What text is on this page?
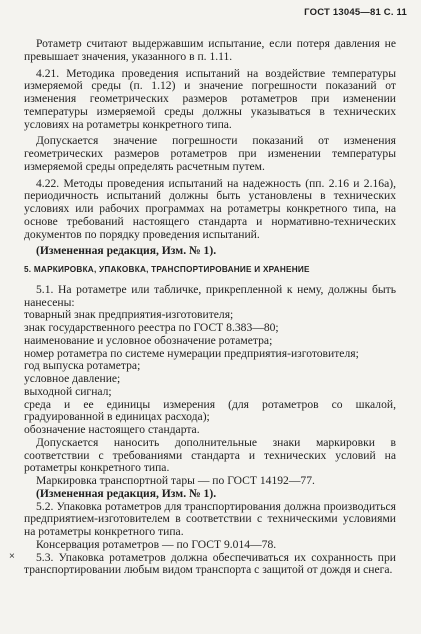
ГОСТ 13045—81 С. 11
×

Ротаметр считают выдержавшим испытание, если потеря давления не превышает значения, указанного в п. 1.11.

4.21. Методика проведения испытаний на воздействие температуры измеряемой среды (п. 1.12) и значение погрешности показаний от изменения геометрических размеров ротаметров при изменении температуры измеряемой среды должны указываться в технических условиях на ротаметры конкретного типа.

Допускается значение погрешности показаний от изменения геометрических размеров ротаметров при изменении температуры измеряемой среды определять расчетным путем.

4.22. Методы проведения испытаний на надежность (пп. 2.16 и 2.16а), периодичность испытаний должны быть установлены в технических условиях или рабочих программах на ротаметры конкретного типа, на основе требований настоящего стандарта и нормативно-технических документов по порядку проведения испытаний.

(Измененная редакция, Изм. № 1).

5. МАРКИРОВКА, УПАКОВКА, ТРАНСПОРТИРОВАНИЕ И ХРАНЕНИЕ

5.1. На ротаметре или табличке, прикрепленной к нему, должны быть нанесены:

товарный знак предприятия-изготовителя;

знак государственного реестра по ГОСТ 8.383—80;

наименование и условное обозначение ротаметра;

номер ротаметра по системе нумерации предприятия-изготовителя;

год выпуска ротаметра;

условное давление;

выходной сигнал;

среда и ее единицы измерения (для ротаметров со шкалой, градуированной в единицах расхода);

обозначение настоящего стандарта.

Допускается наносить дополнительные знаки маркировки в соответствии с требованиями стандарта и технических условий на ротаметры конкретного типа.

Маркировка транспортной тары — по ГОСТ 14192—77.

(Измененная редакция, Изм. № 1).

5.2. Упаковка ротаметров для транспортирования должна производиться предприятием-изготовителем в соответствии с техническими условиями на ротаметры конкретного типа.

Консервация ротаметров — по ГОСТ 9.014—78.

5.3. Упаковка ротаметров должна обеспечиваться их сохранность при транспортировании любым видом транспорта с защитой от дождя и снега.
